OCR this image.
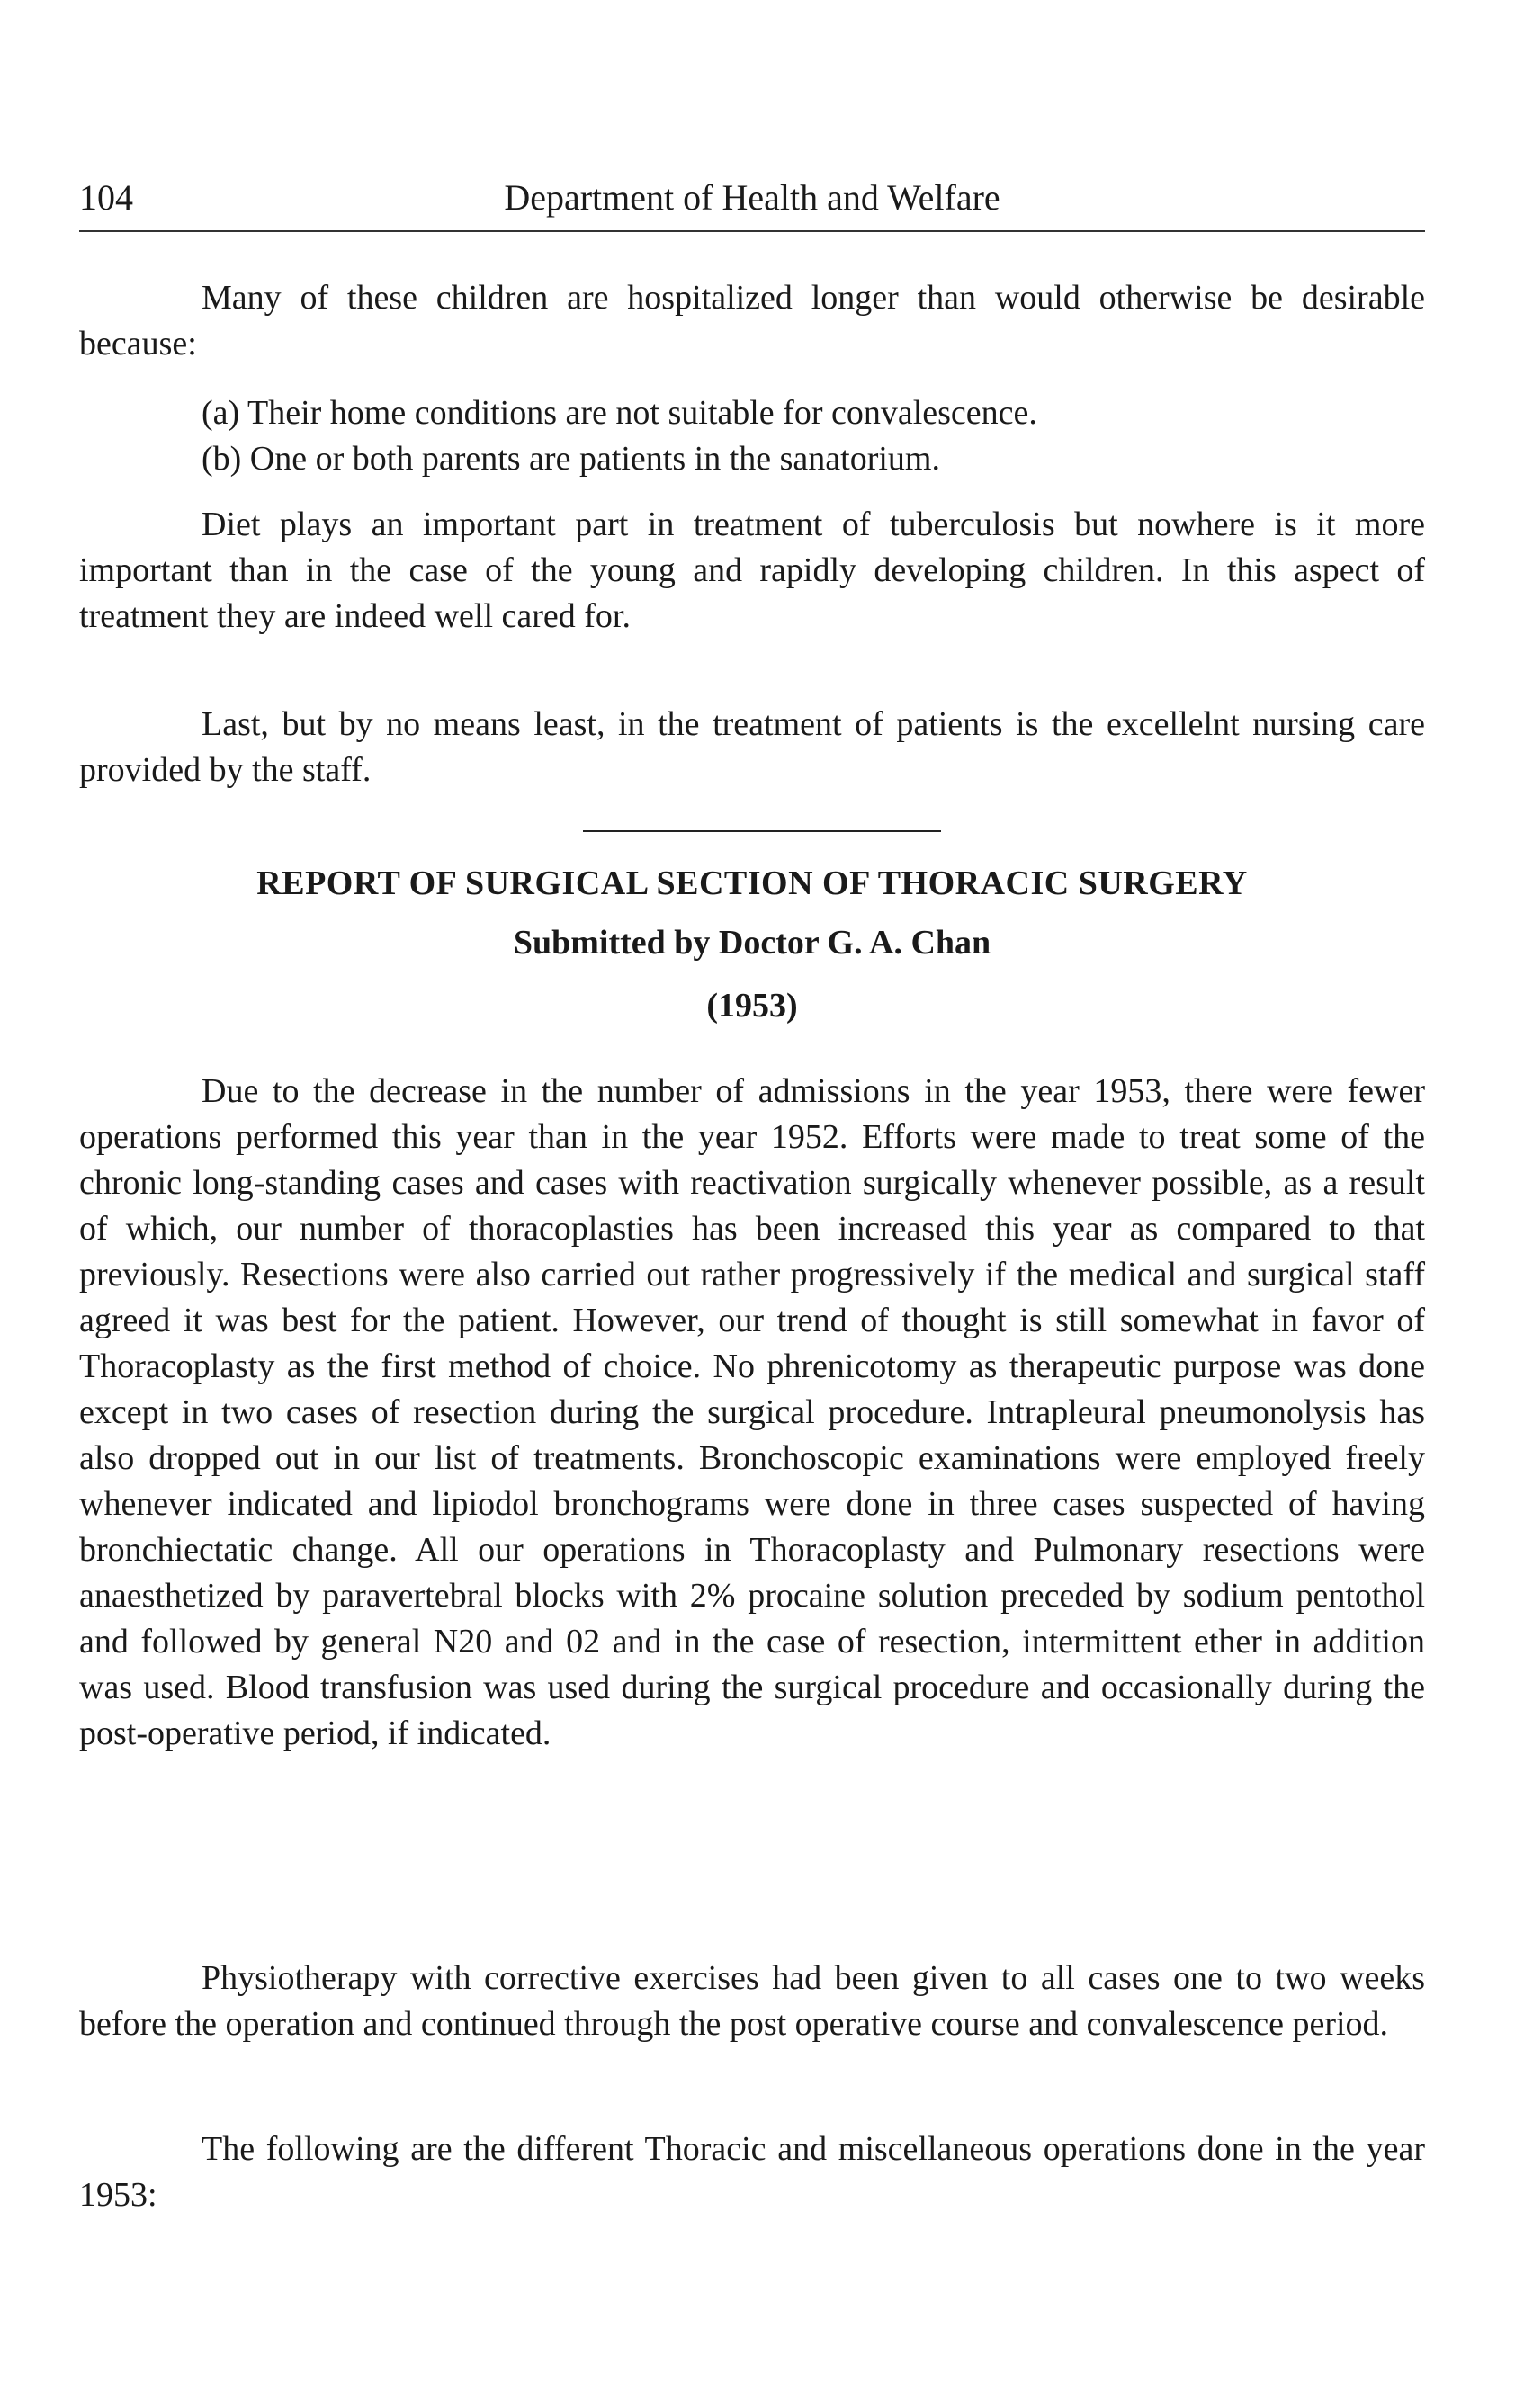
104	Department of Health and Welfare

Many of these children are hospitalized longer than would otherwise be desirable because:

(a) Their home conditions are not suitable for convalescence.
(b) One or both parents are patients in the sanatorium.

Diet plays an important part in treatment of tuberculosis but nowhere is it more important than in the case of the young and rapidly developing children. In this aspect of treatment they are indeed well cared for.

Last, but by no means least, in the treatment of patients is the excellelnt nursing care provided by the staff.

REPORT OF SURGICAL SECTION OF THORACIC SURGERY
Submitted by Doctor G. A. Chan
(1953)

Due to the decrease in the number of admissions in the year 1953, there were fewer operations performed this year than in the year 1952. Efforts were made to treat some of the chronic long-standing cases and cases with reactivation surgically whenever possible, as a result of which, our number of thoracoplasties has been increased this year as compared to that previously. Resections were also carried out rather progressively if the medical and surgical staff agreed it was best for the patient. However, our trend of thought is still somewhat in favor of Thoracoplasty as the first method of choice. No phrenicotomy as therapeutic purpose was done except in two cases of resection during the surgical procedure. Intrapleural pneumonolysis has also dropped out in our list of treatments. Bronchoscopic examinations were employed freely whenever indicated and lipiodol bronchograms were done in three cases suspected of having bronchiectatic change. All our operations in Thoracoplasty and Pulmonary resections were anaesthetized by paravertebral blocks with 2% procaine solution preceded by sodium pentothol and followed by general N20 and 02 and in the case of resection, intermittent ether in addition was used. Blood transfusion was used during the surgical procedure and occasionally during the post-operative period, if indicated.

Physiotherapy with corrective exercises had been given to all cases one to two weeks before the operation and continued through the post operative course and convalescence period.

The following are the different Thoracic and miscellaneous operations done in the year 1953:
